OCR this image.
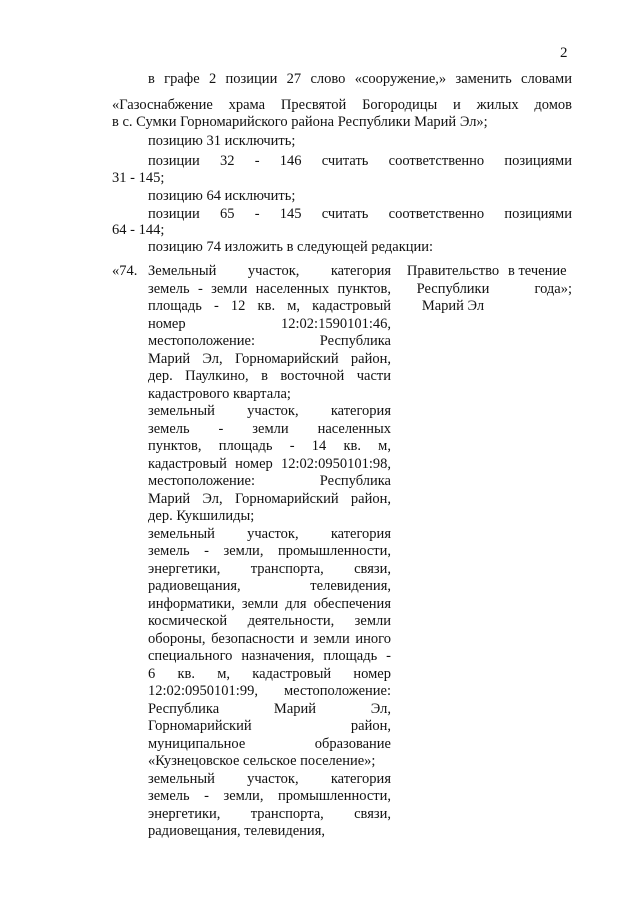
2
в графе 2 позиции 27 слово «сооружение,» заменить словами
«Газоснабжение храма Пресвятой Богородицы и жилых домов
в с. Сумки Горномарийского района Республики Марий Эл»;
позицию 31 исключить;
позиции 32 - 146 считать соответственно позициями
31 - 145;
позицию 64 исключить;
позиции 65 - 145 считать соответственно позициями
64 - 144;
позицию 74 изложить в следующей редакции:
«74. Земельный участок, категория
земель - земли населенных пунктов,
площадь - 12 кв. м, кадастровый
номер 12:02:1590101:46,
местоположение: Республика
Марий Эл, Горномарийский район,
дер. Паулкино, в восточной части
кадастрового квартала;
земельный участок, категория
земель - земли населенных
пунктов, площадь - 14 кв. м,
кадастровый номер 12:02:0950101:98,
местоположение: Республика
Марий Эл, Горномарийский район,
дер. Кукшилиды;
земельный участок, категория
земель - земли, промышленности,
энергетики, транспорта, связи,
радиовещания, телевидения,
информатики, земли для обеспечения
космической деятельности, земли
обороны, безопасности и земли иного
специального назначения, площадь -
6 кв. м, кадастровый номер
12:02:0950101:99, местоположение:
Республика Марий Эл,
Горномарийский район,
муниципальное образование
«Кузнецовское сельское поселение»;
земельный участок, категория
земель - земли, промышленности,
энергетики, транспорта, связи,
радиовещания, телевидения,
Правительство
Республики
Марий Эл
в течение
года»;
